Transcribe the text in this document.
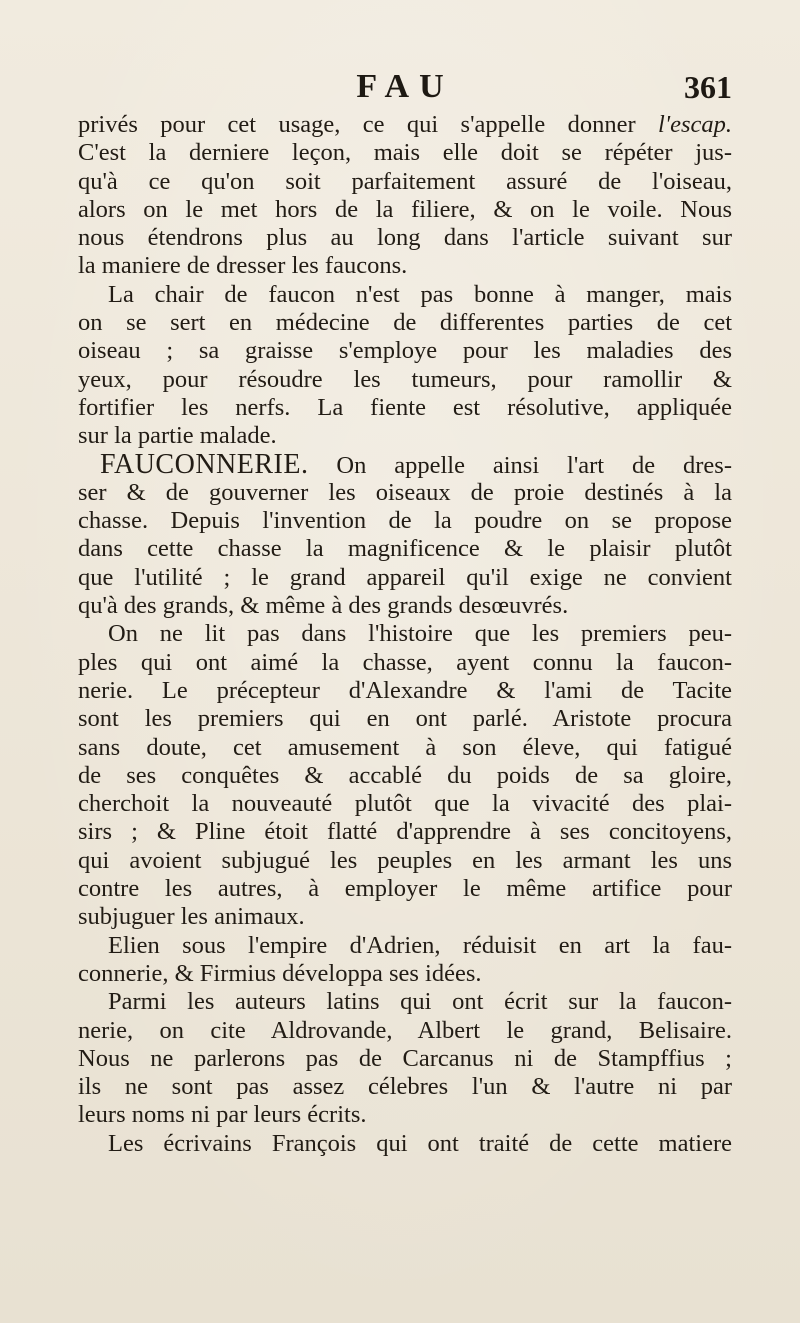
FAU	361
privés pour cet usage, ce qui s'appelle donner l'escap.
C'est la derniere leçon, mais elle doit se répéter jus-
qu'à ce qu'on soit parfaitement assuré de l'oiseau,
alors on le met hors de la filiere, & on le voile. Nous
nous étendrons plus au long dans l'article suivant sur
la maniere de dresser les faucons.
La chair de faucon n'est pas bonne à manger, mais
on se sert en médecine de differentes parties de cet
oiseau ; sa graisse s'employe pour les maladies des
yeux, pour résoudre les tumeurs, pour ramollir &
fortifier les nerfs. La fiente est résolutive, appliquée
sur la partie malade.
FAUCONNERIE. On appelle ainsi l'art de dres-
ser & de gouverner les oiseaux de proie destinés à la
chasse. Depuis l'invention de la poudre on se propose
dans cette chasse la magnificence & le plaisir plutôt
que l'utilité ; le grand appareil qu'il exige ne convient
qu'à des grands, & même à des grands desœuvrés.
On ne lit pas dans l'histoire que les premiers peu-
ples qui ont aimé la chasse, ayent connu la faucon-
nerie. Le précepteur d'Alexandre & l'ami de Tacite
sont les premiers qui en ont parlé. Aristote procura
sans doute, cet amusement à son éleve, qui fatigué
de ses conquêtes & accablé du poids de sa gloire,
cherchoit la nouveauté plutôt que la vivacité des plai-
sirs ; & Pline étoit flatté d'apprendre à ses concitoyens,
qui avoient subjugué les peuples en les armant les uns
contre les autres, à employer le même artifice pour
subjuguer les animaux.
Elien sous l'empire d'Adrien, réduisit en art la fau-
connerie, & Firmius développa ses idées.
Parmi les auteurs latins qui ont écrit sur la faucon-
nerie, on cite Aldrovande, Albert le grand, Belisaire.
Nous ne parlerons pas de Carcanus ni de Stampffius ;
ils ne sont pas assez célebres l'un & l'autre ni par
leurs noms ni par leurs écrits.
Les écrivains François qui ont traité de cette matiere
